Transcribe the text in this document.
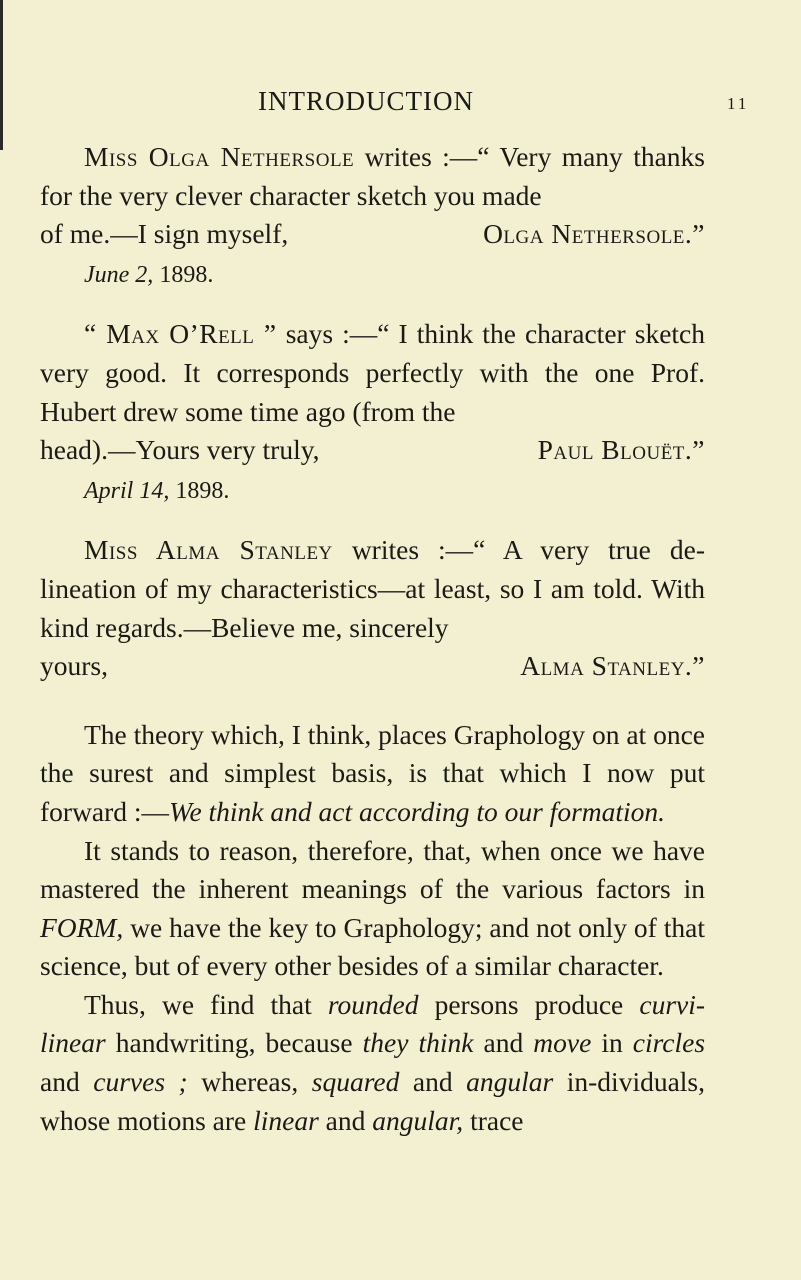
INTRODUCTION	11

Miss Olga Nethersole writes :—“ Very many thanks for the very clever character sketch you made

of me.—I sign myself,	Olga Nethersole.”
June 2, 1898.

“ Max O’Rell ” says :—“ I think the character sketch very good. It corresponds perfectly with the one Prof. Hubert drew some time ago (from the

head).—Yours very truly,	Paul Blouët.”
April 14, 1898.

Miss Alma Stanley writes :—“ A very true de- lineation of my characteristics—at least, so I am told. With kind regards.—Believe me, sincerely

yours,	Alma Stanley.”

The theory which, I think, places Graphology on at once the surest and simplest basis, is that which I now put forward :—We think and act according to our formation.

It stands to reason, therefore, that, when once we have mastered the inherent meanings of the various factors in FORM, we have the key to Graphology; and not only of that science, but of every other besides of a similar character.

Thus, we find that rounded persons produce curvi-linear handwriting, because they think and move in circles and curves ; whereas, squared and angular in-dividuals, whose motions are linear and angular, trace
